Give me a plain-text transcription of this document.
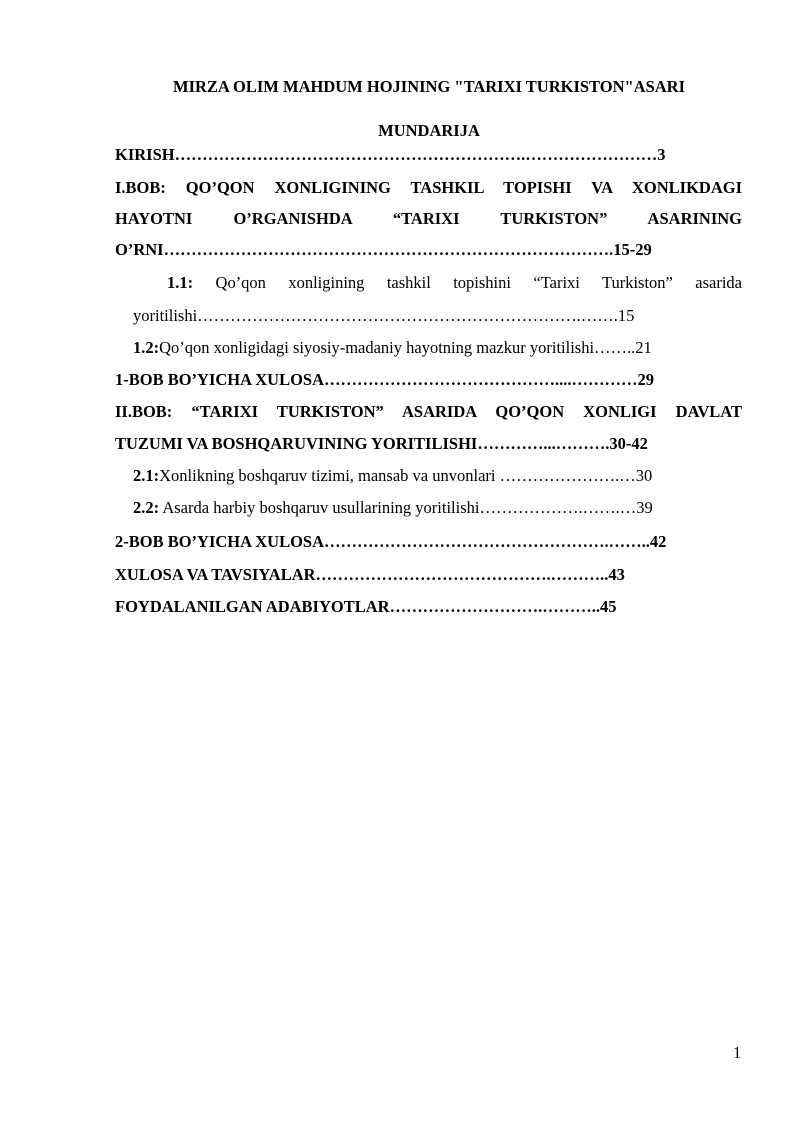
MIRZA OLIM MAHDUM HOJINING "TARIXI TURKISTON"ASARI
MUNDARIJA
KIRISH……………………………………………………….……………………3
I.BOB: QO’QON XONLIGINING TASHKIL TOPISHI VA XONLIKDAGI
HAYOTNI O’RGANISHDA “TARIXI TURKISTON” ASARINING
O’RNI……………………………………………………………………….15-29
1.1: Qo’qon xonligining tashkil topishini “Tarixi Turkiston” asarida
yoritilishi…………………………………………………………….…….15
1.2:Qo’qon xonligidagi siyosiy-madaniy hayotning mazkur yoritilishi……..21
1-BOB BO’YICHA XULOSA……………………………………....…………29
II.BOB: “TARIXI TURKISTON” ASARIDA QO’QON XONLIGI DAVLAT
TUZUMI VA BOSHQARUVINING YORITILISHI…………...……….30-42
2.1:Xonlikning boshqaruv tizimi, mansab va unvonlari ………………….…30
2.2: Asarda harbiy boshqaruv usullarining yoritilishi……………….…….…39
2-BOB BO’YICHA XULOSA…………………………………………….……..42
XULOSA VA TAVSIYALAR…………………………………….………..43
FOYDALANILGAN ADABIYOTLAR……………………….………..45
1
